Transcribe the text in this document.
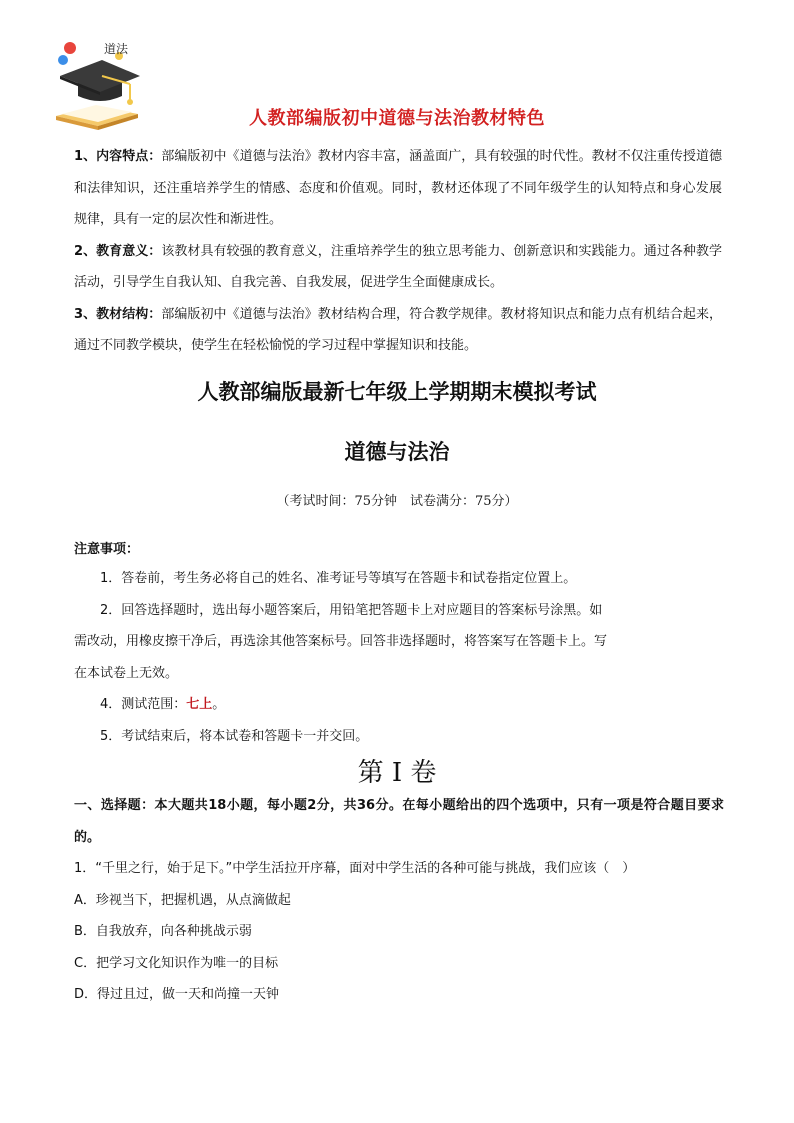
道法
人教部编版初中道德与法治教材特色

1、内容特点：部编版初中《道德与法治》教材内容丰富，涵盖面广，具有较强的时代性。教材不仅注重传授道德和法律知识，还注重培养学生的情感、态度和价值观。同时，教材还体现了不同年级学生的认知特点和身心发展规律，具有一定的层次性和渐进性。

2、教育意义：该教材具有较强的教育意义，注重培养学生的独立思考能力、创新意识和实践能力。通过各种教学活动，引导学生自我认知、自我完善、自我发展，促进学生全面健康成长。

3、教材结构：部编版初中《道德与法治》教材结构合理，符合教学规律。教材将知识点和能力点有机结合起来，通过不同教学模块，使学生在轻松愉悦的学习过程中掌握知识和技能。

人教部编版最新七年级上学期期末模拟考试
道德与法治
（考试时间：75分钟　试卷满分：75分）
注意事项：

1．答卷前，考生务必将自己的姓名、准考证号等填写在答题卡和试卷指定位置上。

2．回答选择题时，选出每小题答案后，用铅笔把答题卡上对应题目的答案标号涂黑。如

需改动，用橡皮擦干净后，再选涂其他答案标号。回答非选择题时，将答案写在答题卡上。写

在本试卷上无效。

4．测试范围：七上。

5．考试结束后，将本试卷和答题卡一并交回。

第 I 卷
一、选择题：本大题共18小题，每小题2分，共36分。在每小题给出的四个选项中，只有一项是符合题目要求的。

1．“千里之行，始于足下。”中学生活拉开序幕，面对中学生活的各种可能与挑战，我们应该（　）

A．珍视当下，把握机遇，从点滴做起

B．自我放弃，向各种挑战示弱

C．把学习文化知识作为唯一的目标

D．得过且过，做一天和尚撞一天钟
